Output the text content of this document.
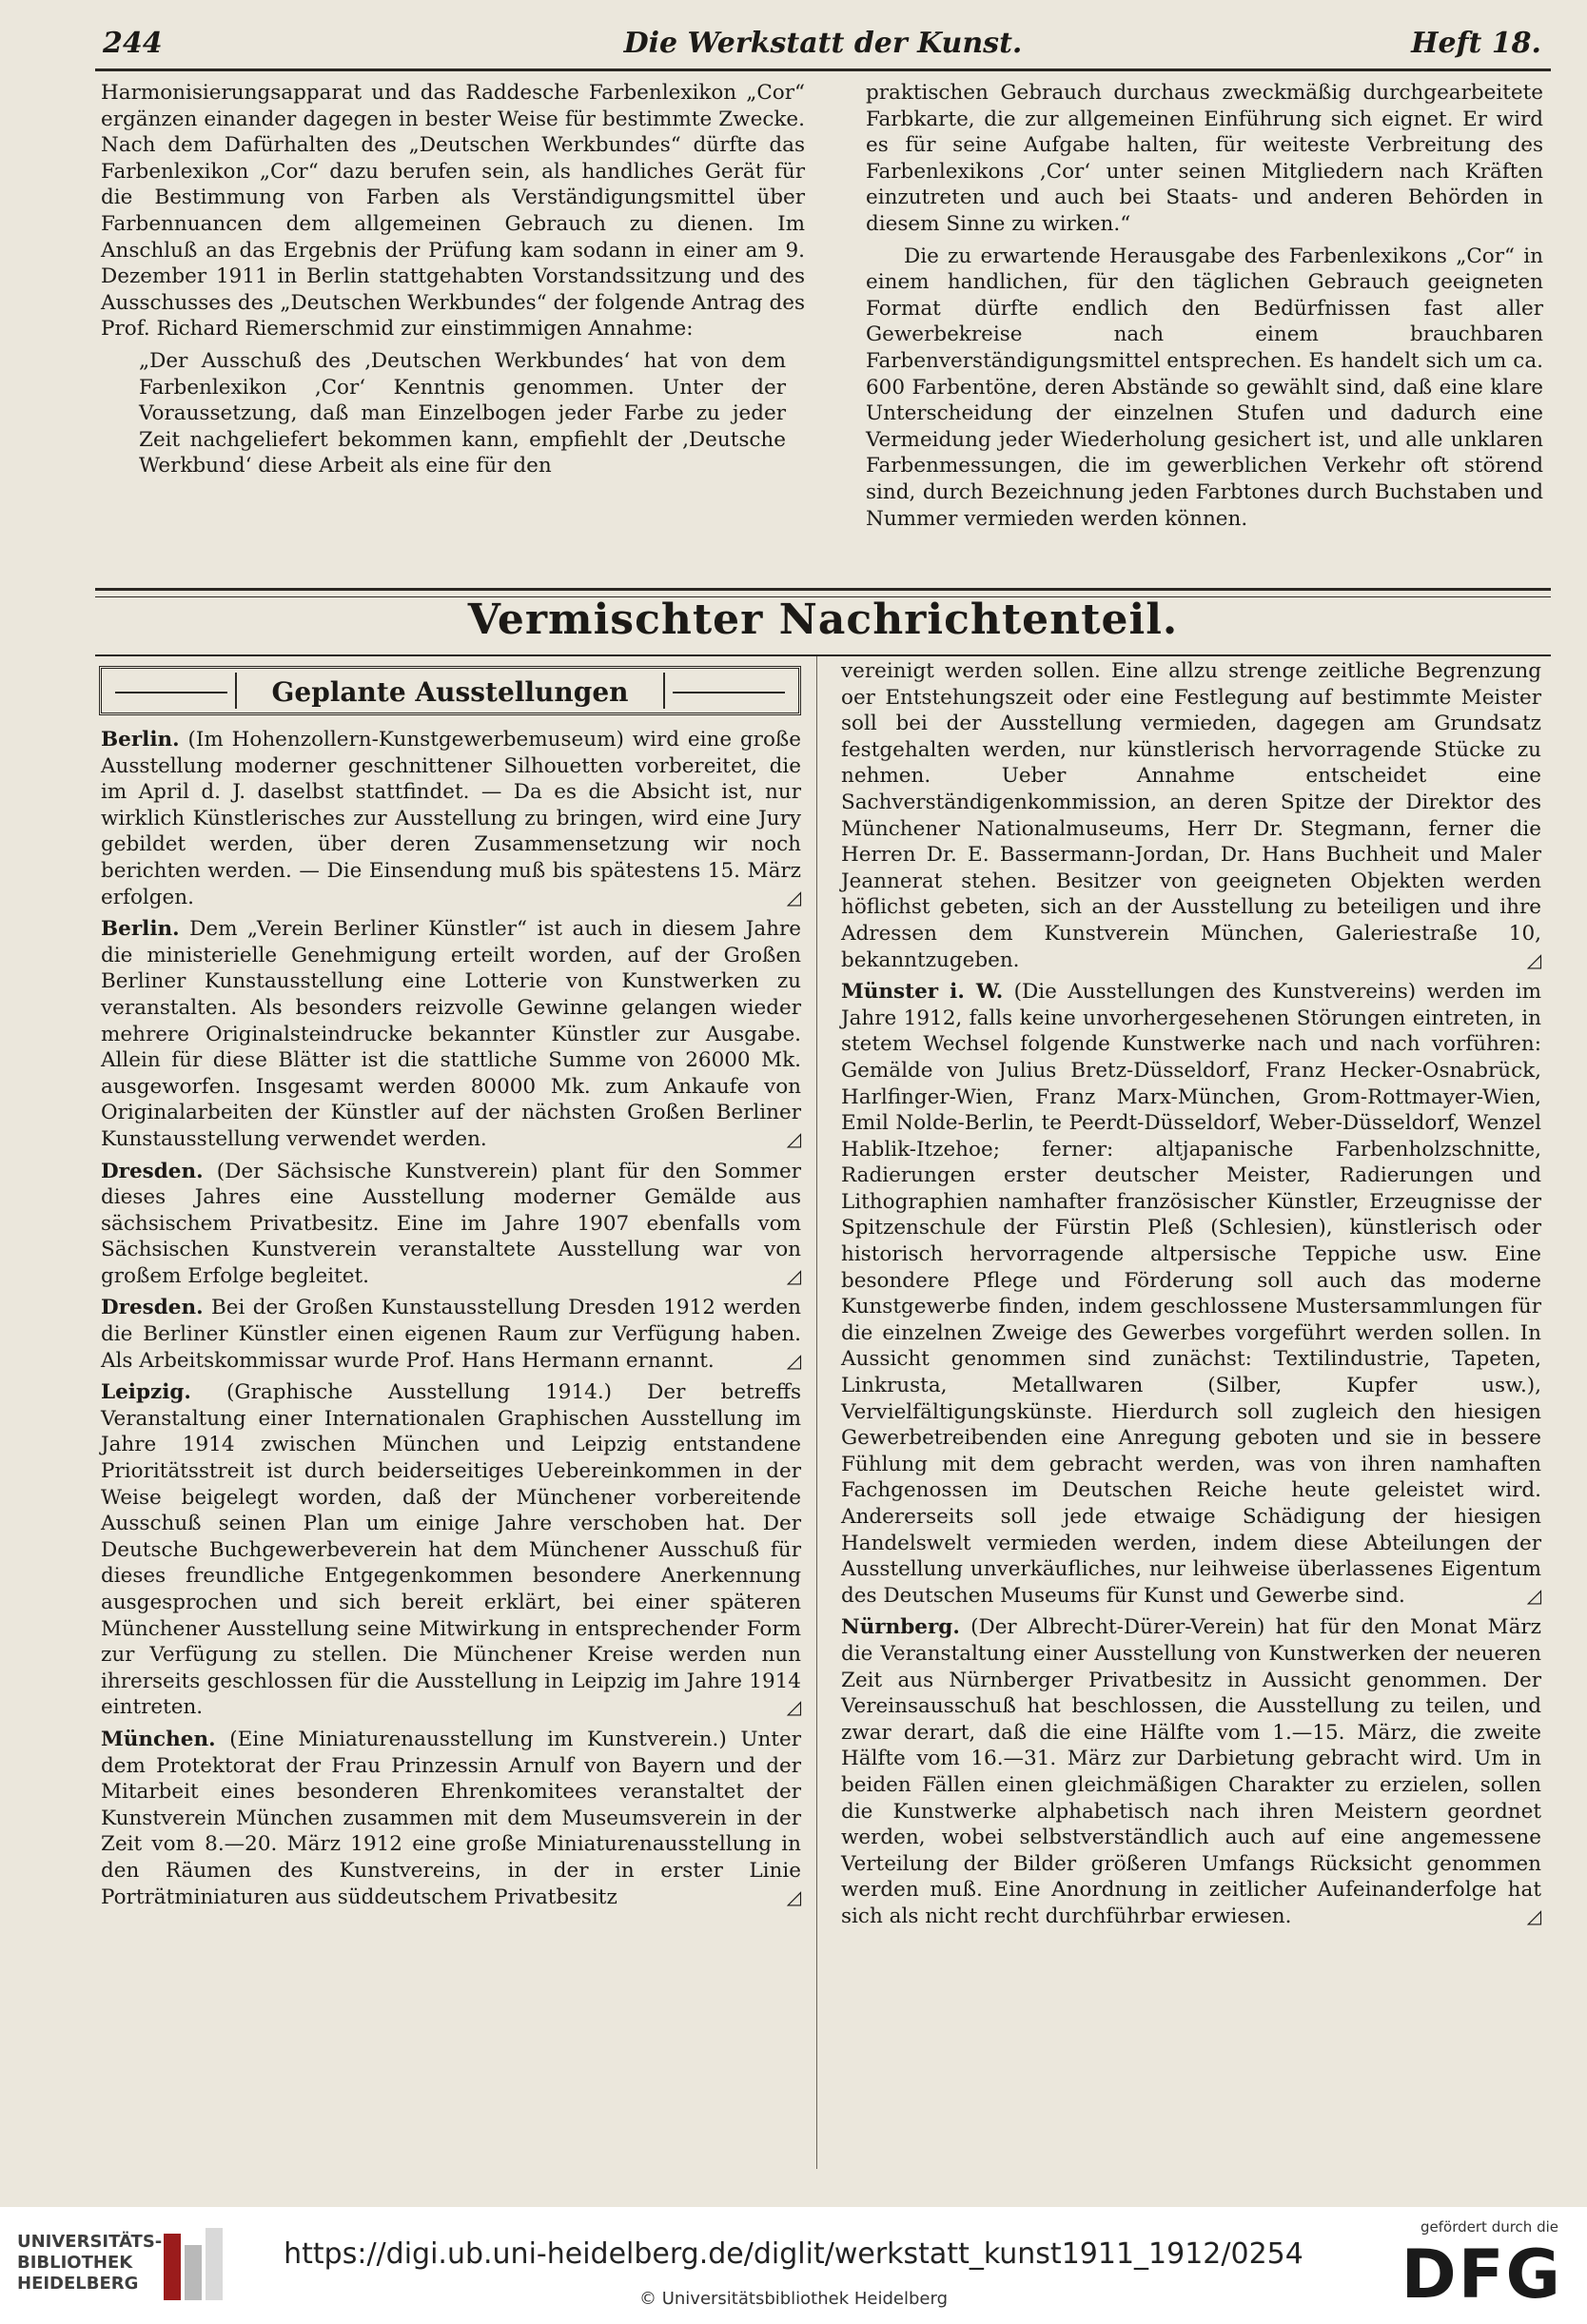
244	Die Werkstatt der Kunst.	Heft 18.

Harmonisierungsapparat und das Raddesche Farbenlexikon „Cor“ ergänzen einander dagegen in bester Weise für bestimmte Zwecke. Nach dem Dafürhalten des „Deutschen Werkbundes“ dürfte das Farbenlexikon „Cor“ dazu berufen sein, als handliches Gerät für die Bestimmung von Farben als Verständigungsmittel über Farbennuancen dem allgemeinen Gebrauch zu dienen. Im Anschluß an das Ergebnis der Prüfung kam sodann in einer am 9. Dezember 1911 in Berlin stattgehabten Vorstandssitzung und des Ausschusses des „Deutschen Werkbundes“ der folgende Antrag des Prof. Richard Riemerschmid zur einstimmigen Annahme:

„Der Ausschuß des ‚Deutschen Werkbundes‘ hat von dem Farbenlexikon ‚Cor‘ Kenntnis genommen. Unter der Voraussetzung, daß man Einzelbogen jeder Farbe zu jeder Zeit nachgeliefert bekommen kann, empfiehlt der ‚Deutsche Werkbund‘ diese Arbeit als eine für den

praktischen Gebrauch durchaus zweckmäßig durchgearbeitete Farbkarte, die zur allgemeinen Einführung sich eignet. Er wird es für seine Aufgabe halten, für weiteste Verbreitung des Farbenlexikons ‚Cor‘ unter seinen Mitgliedern nach Kräften einzutreten und auch bei Staats- und anderen Behörden in diesem Sinne zu wirken.“

Die zu erwartende Herausgabe des Farbenlexikons „Cor“ in einem handlichen, für den täglichen Gebrauch geeigneten Format dürfte endlich den Bedürfnissen fast aller Gewerbekreise nach einem brauchbaren Farbenverständigungsmittel entsprechen. Es handelt sich um ca. 600 Farbentöne, deren Abstände so gewählt sind, daß eine klare Unterscheidung der einzelnen Stufen und dadurch eine Vermeidung jeder Wiederholung gesichert ist, und alle unklaren Farbenmessungen, die im gewerblichen Verkehr oft störend sind, durch Bezeichnung jeden Farbtones durch Buchstaben und Nummer vermieden werden können.

Vermischter Nachrichtenteil.
Geplante Ausstellungen

Berlin. (Im Hohenzollern-Kunstgewerbemuseum) wird eine große Ausstellung moderner geschnittener Silhouetten vorbereitet, die im April d. J. daselbst stattfindet. — Da es die Absicht ist, nur wirklich Künstlerisches zur Ausstellung zu bringen, wird eine Jury gebildet werden, über deren Zusammensetzung wir noch berichten werden. — Die Einsendung muß bis spätestens 15. März erfolgen.	◿

Berlin. Dem „Verein Berliner Künstler“ ist auch in diesem Jahre die ministerielle Genehmigung erteilt worden, auf der Großen Berliner Kunstausstellung eine Lotterie von Kunstwerken zu veranstalten. Als besonders reizvolle Gewinne gelangen wieder mehrere Originalsteindrucke bekannter Künstler zur Ausgabe. Allein für diese Blätter ist die stattliche Summe von 26000 Mk. ausgeworfen. Insgesamt werden 80000 Mk. zum Ankaufe von Originalarbeiten der Künstler auf der nächsten Großen Berliner Kunstausstellung verwendet werden.	◿

Dresden. (Der Sächsische Kunstverein) plant für den Sommer dieses Jahres eine Ausstellung moderner Gemälde aus sächsischem Privatbesitz. Eine im Jahre 1907 ebenfalls vom Sächsischen Kunstverein veranstaltete Ausstellung war von großem Erfolge begleitet.	◿

Dresden. Bei der Großen Kunstausstellung Dresden 1912 werden die Berliner Künstler einen eigenen Raum zur Verfügung haben. Als Arbeitskommissar wurde Prof. Hans Hermann ernannt.	◿

Leipzig. (Graphische Ausstellung 1914.) Der betreffs Veranstaltung einer Internationalen Graphischen Ausstellung im Jahre 1914 zwischen München und Leipzig entstandene Prioritätsstreit ist durch beiderseitiges Uebereinkommen in der Weise beigelegt worden, daß der Münchener vorbereitende Ausschuß seinen Plan um einige Jahre verschoben hat. Der Deutsche Buchgewerbeverein hat dem Münchener Ausschuß für dieses freundliche Entgegenkommen besondere Anerkennung ausgesprochen und sich bereit erklärt, bei einer späteren Münchener Ausstellung seine Mitwirkung in entsprechender Form zur Verfügung zu stellen. Die Münchener Kreise werden nun ihrerseits geschlossen für die Ausstellung in Leipzig im Jahre 1914 eintreten.	◿

München. (Eine Miniaturenausstellung im Kunstverein.) Unter dem Protektorat der Frau Prinzessin Arnulf von Bayern und der Mitarbeit eines besonderen Ehrenkomitees veranstaltet der Kunstverein München zusammen mit dem Museumsverein in der Zeit vom 8.—20. März 1912 eine große Miniaturenausstellung in den Räumen des Kunstvereins, in der in erster Linie Porträtminiaturen aus süddeutschem Privatbesitz	◿

vereinigt werden sollen. Eine allzu strenge zeitliche Begrenzung oer Entstehungszeit oder eine Festlegung auf bestimmte Meister soll bei der Ausstellung vermieden, dagegen am Grundsatz festgehalten werden, nur künstlerisch hervorragende Stücke zu nehmen. Ueber Annahme entscheidet eine Sachverständigenkommission, an deren Spitze der Direktor des Münchener Nationalmuseums, Herr Dr. Stegmann, ferner die Herren Dr. E. Bassermann-Jordan, Dr. Hans Buchheit und Maler Jeannerat stehen. Besitzer von geeigneten Objekten werden höflichst gebeten, sich an der Ausstellung zu beteiligen und ihre Adressen dem Kunstverein München, Galeriestraße 10, bekanntzugeben.	◿

Münster i. W. (Die Ausstellungen des Kunstvereins) werden im Jahre 1912, falls keine unvorhergesehenen Störungen eintreten, in stetem Wechsel folgende Kunstwerke nach und nach vorführen: Gemälde von Julius Bretz-Düsseldorf, Franz Hecker-Osnabrück, Harlfinger-Wien, Franz Marx-München, Grom-Rottmayer-Wien, Emil Nolde-Berlin, te Peerdt-Düsseldorf, Weber-Düsseldorf, Wenzel Hablik-Itzehoe; ferner: altjapanische Farbenholzschnitte, Radierungen erster deutscher Meister, Radierungen und Lithographien namhafter französischer Künstler, Erzeugnisse der Spitzenschule der Fürstin Pleß (Schlesien), künstlerisch oder historisch hervorragende altpersische Teppiche usw. Eine besondere Pflege und Förderung soll auch das moderne Kunstgewerbe finden, indem geschlossene Mustersammlungen für die einzelnen Zweige des Gewerbes vorgeführt werden sollen. In Aussicht genommen sind zunächst: Textilindustrie, Tapeten, Linkrusta, Metallwaren (Silber, Kupfer usw.), Vervielfältigungskünste. Hierdurch soll zugleich den hiesigen Gewerbetreibenden eine Anregung geboten und sie in bessere Fühlung mit dem gebracht werden, was von ihren namhaften Fachgenossen im Deutschen Reiche heute geleistet wird. Andererseits soll jede etwaige Schädigung der hiesigen Handelswelt vermieden werden, indem diese Abteilungen der Ausstellung unverkäufliches, nur leihweise überlassenes Eigentum des Deutschen Museums für Kunst und Gewerbe sind.	◿

Nürnberg. (Der Albrecht-Dürer-Verein) hat für den Monat März die Veranstaltung einer Ausstellung von Kunstwerken der neueren Zeit aus Nürnberger Privatbesitz in Aussicht genommen. Der Vereinsausschuß hat beschlossen, die Ausstellung zu teilen, und zwar derart, daß die eine Hälfte vom 1.—15. März, die zweite Hälfte vom 16.—31. März zur Darbietung gebracht wird. Um in beiden Fällen einen gleichmäßigen Charakter zu erzielen, sollen die Kunstwerke alphabetisch nach ihren Meistern geordnet werden, wobei selbstverständlich auch auf eine angemessene Verteilung der Bilder größeren Umfangs Rücksicht genommen werden muß. Eine Anordnung in zeitlicher Aufeinanderfolge hat sich als nicht recht durchführbar erwiesen.	◿

UNIVERSITÄTS-
BIBLIOTHEK
HEIDELBERG
https://digi.ub.uni-heidelberg.de/diglit/werkstatt_kunst1911_1912/0254
© Universitätsbibliothek Heidelberg
gefördert durch die
DFG
